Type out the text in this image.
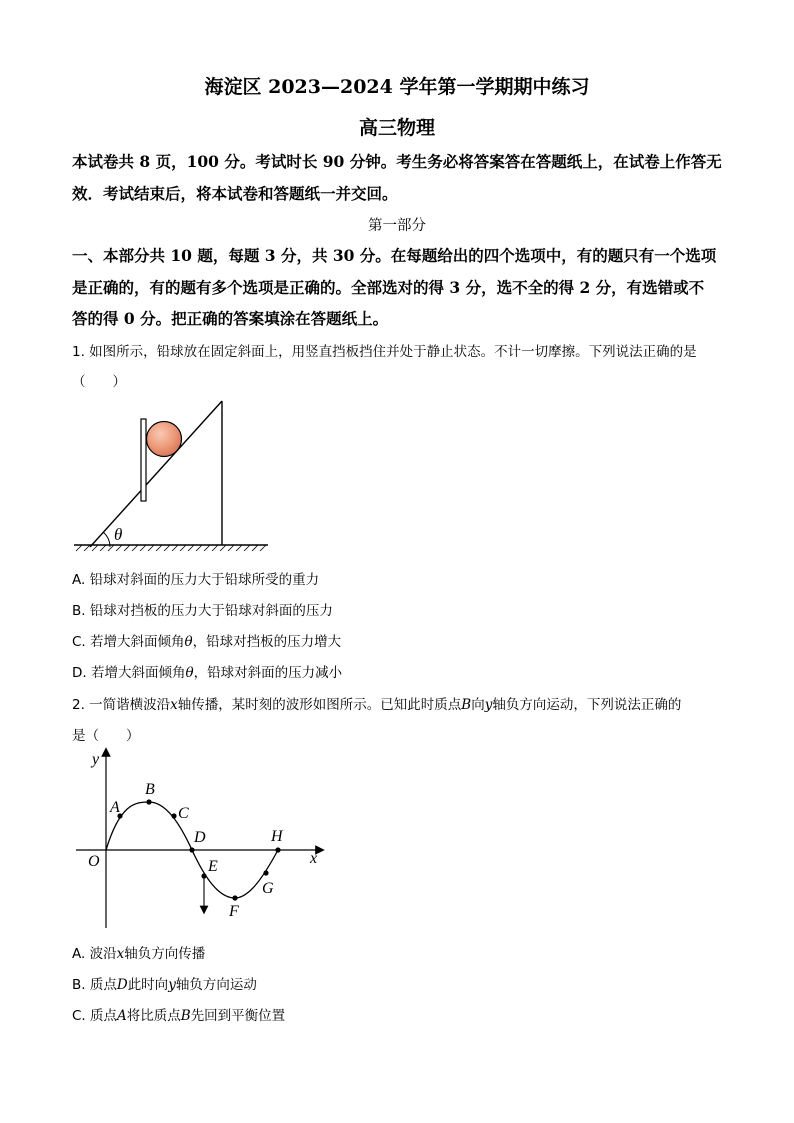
海淀区 2023—2024 学年第一学期期中练习
高三物理
本试卷共 8 页，100 分。考试时长 90 分钟。考生务必将答案答在答题纸上，在试卷上作答无
效．考试结束后，将本试卷和答题纸一并交回。
第一部分
一、本部分共 10 题，每题 3 分，共 30 分。在每题给出的四个选项中，有的题只有一个选项
是正确的，有的题有多个选项是正确的。全部选对的得 3 分，选不全的得 2 分，有选错或不
答的得 0 分。把正确的答案填涂在答题纸上。
1. 如图所示，铅球放在固定斜面上，用竖直挡板挡住并处于静止状态。不计一切摩擦。下列说法正确的是
（　　）
θ
A. 铅球对斜面的压力大于铅球所受的重力
B. 铅球对挡板的压力大于铅球对斜面的压力
C. 若增大斜面倾角θ，铅球对挡板的压力增大
D. 若增大斜面倾角θ，铅球对斜面的压力减小
2. 一简谐横波沿x轴传播，某时刻的波形如图所示。已知此时质点B向y轴负方向运动，下列说法正确的
是（　　）
y
x
O
A
B
C
D
E
F
G
H
A. 波沿x轴负方向传播
B. 质点D此时向y轴负方向运动
C. 质点A将比质点B先回到平衡位置
